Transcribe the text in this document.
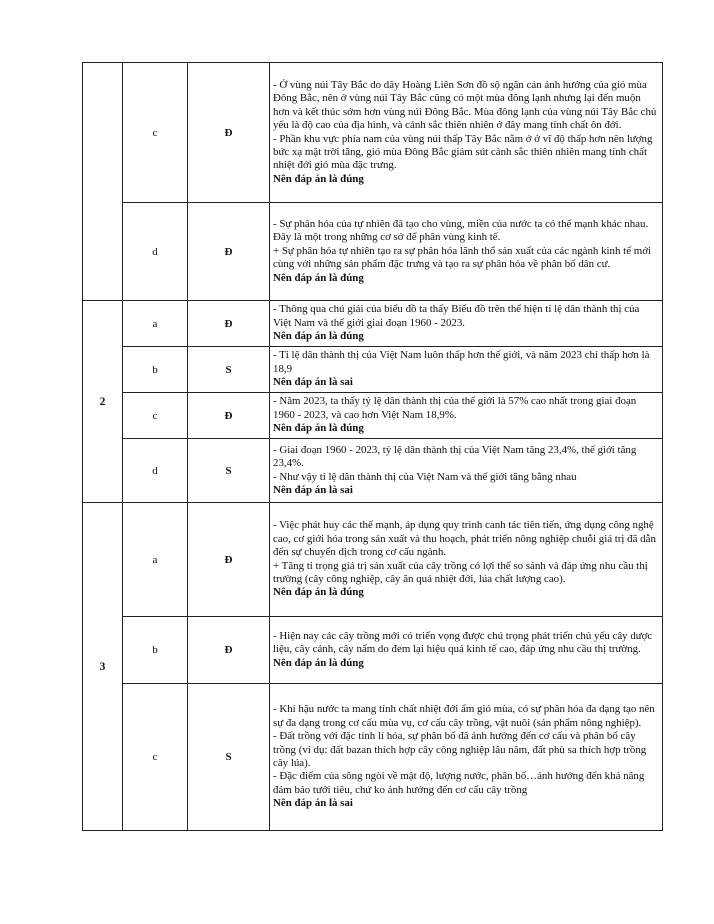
	c	Đ	- Ở vùng núi Tây Bắc do dãy Hoàng Liên Sơn đồ sộ ngăn cản ảnh hưởng của gió mùa Đông Bắc, nên ở vùng núi Tây Bắc cũng có một mùa đông lạnh nhưng lại đến muộn hơn và kết thúc sớm hơn vùng núi Đông Bắc. Mùa đông lạnh của vùng núi Tây Bắc chủ yếu là độ cao của địa hình, và cảnh sắc thiên nhiên ở đây mang tính chất ôn đới.
- Phần khu vực phía nam của vùng núi thấp Tây Bắc nằm ở ở vĩ độ thấp hơn nên lượng bức xạ mặt trời tăng, gió mùa Đông Bắc giảm sút cảnh sắc thiên nhiên mang tính chất nhiệt đới gió mùa đặc trưng.
Nên đáp án là đúng

	d	Đ	- Sự phân hóa của tự nhiên đã tạo cho vùng, miền của nước ta có thế mạnh khác nhau. Đây là một trong những cơ sở để phân vùng kinh tế.
+ Sự phân hóa tự nhiên tạo ra sự phân hóa lãnh thổ sản xuất của các ngành kinh tế mới cùng với những sản phẩm đặc trưng và tạo ra sự phân hóa về phân bố dân cư.
Nên đáp án là đúng

2	a	Đ	- Thông qua chú giải của biểu đồ ta thấy Biểu đồ trên thể hiện tỉ lệ dân thành thị của Việt Nam và thế giới giai đoạn 1960 - 2023.
Nên đáp án là đúng

	b	S	- Tỉ lệ dân thành thị của Việt Nam luôn thấp hơn thế giới, và năm 2023 chỉ thấp hơn là 18,9
Nên đáp án là sai

	c	Đ	- Năm 2023, ta thấy tỷ lệ dân thành thị của thế giới là 57% cao nhất trong giai đoạn 1960 - 2023, và cao hơn Việt Nam 18,9%.
Nên đáp án là đúng

	d	S	- Giai đoạn 1960 - 2023, tỷ lệ dân thành thị của Việt Nam tăng 23,4%, thế giới tăng 23,4%.
- Như vậy tỉ lệ dân thành thị của Việt Nam và thế giới tăng bằng nhau
Nên đáp án là sai

3	a	Đ	- Việc phát huy các thế mạnh, áp dụng quy trình canh tác tiên tiến, ứng dụng công nghệ cao, cơ giới hóa trong sản xuất và thu hoạch, phát triển nông nghiệp chuỗi giá trị đã dẫn đến sự chuyển dịch trong cơ cấu ngành.
+ Tăng tỉ trọng giá trị sản xuất của cây trồng có lợi thế so sánh và đáp ứng nhu cầu thị trường (cây công nghiệp, cây ăn quả nhiệt đới, lúa chất lượng cao).
Nên đáp án là đúng

	b	Đ	- Hiện nay các cây trồng mới có triển vọng được chú trọng phát triển chủ yếu cây dược liệu, cây cảnh, cây nấm do đem lại hiệu quả kinh tế cao, đáp ứng nhu cầu thị trường.
Nên đáp án là đúng

	c	S	- Khí hậu nước ta mang tính chất nhiệt đới ẩm gió mùa, có sự phân hóa đa dạng tạo nên sự đa dạng trong cơ cấu mùa vụ, cơ cấu cây trồng, vật nuôi (sản phẩm nông nghiệp).
- Đất trồng với đặc tính lí hóa, sự phân bố đã ảnh hưởng đến cơ cấu và phân bố cây trồng (ví dụ: đất bazan thích hợp cây công nghiệp lâu năm, đất phù sa thích hợp trồng cây lúa).
- Đặc điểm của sông ngòi về mật độ, lượng nước, phân bố…ảnh hưởng đến khả năng đảm bảo tưới tiêu, chứ ko ảnh hưởng đến cơ cấu cây trồng
Nên đáp án là sai
